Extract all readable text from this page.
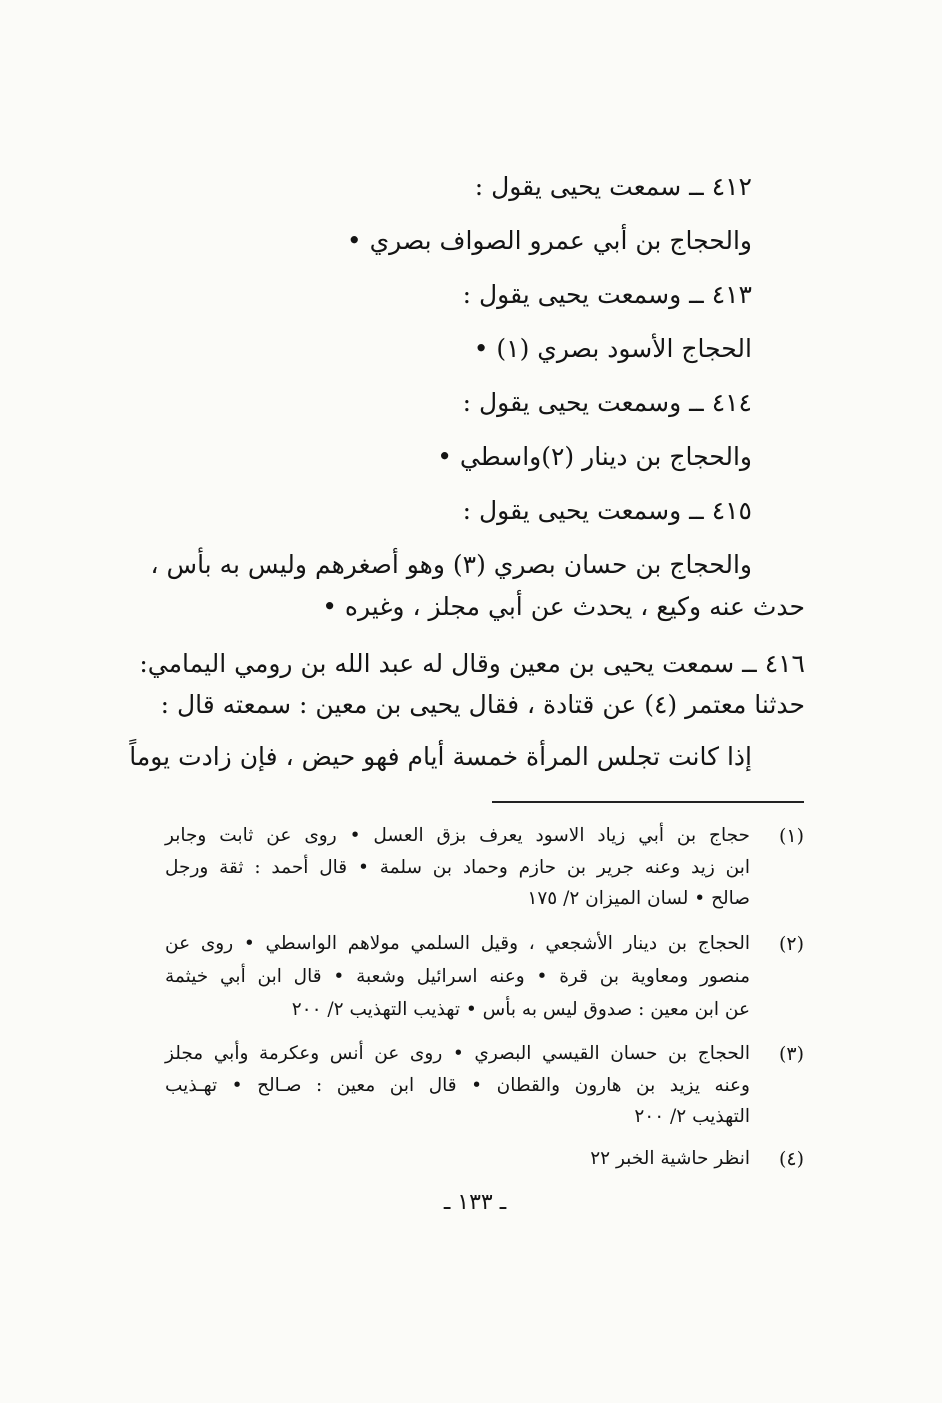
٤١٢ ــ سمعت يحيى يقول :
والحجاج بن أبي عمرو الصواف بصري •
٤١٣ ــ وسمعت يحيى يقول :
الحجاج الأسود بصري (١) •
٤١٤ ــ وسمعت يحيى يقول :
والحجاج بن دينار (٢)واسطي •
٤١٥ ــ وسمعت يحيى يقول :
والحجاج بن حسان بصري (٣) وهو أصغرهم وليس به بأس ،
حدث عنه وكيع ، يحدث عن أبي مجلز ، وغيره •
٤١٦ ــ سمعت يحيى بن معين وقال له عبد الله بن رومي اليمامي:
حدثنا معتمر (٤) عن قتادة ، فقال يحيى بن معين : سمعته قال :
إذا كانت تجلس المرأة خمسة أيام فهو حيض ، فإن زادت يوماً
(١)
حجاج بن أبي زياد الاسود يعرف بزق العسل • روى عن ثابت وجابر
ابن زيد وعنه جرير بن حازم وحماد بن سلمة • قال أحمد : ثقة ورجل
صالح • لسان الميزان ٢/ ١٧٥
(٢)
الحجاج بن دينار الأشجعي ، وقيل السلمي مولاهم الواسطي • روى عن
منصور ومعاوية بن قرة • وعنه اسرائيل وشعبة • قال ابن أبي خيثمة
عن ابن معين : صدوق ليس به بأس • تهذيب التهذيب ٢/ ٢٠٠
(٣)
الحجاج بن حسان القيسي البصري • روى عن أنس وعكرمة وأبي مجلز
وعنه يزيد بن هارون والقطان • قال ابن معين : صـالح • تهـذيب
التهذيب ٢/ ٢٠٠
(٤)
انظر حاشية الخبر ٢٢
ـ ١٣٣ ـ
